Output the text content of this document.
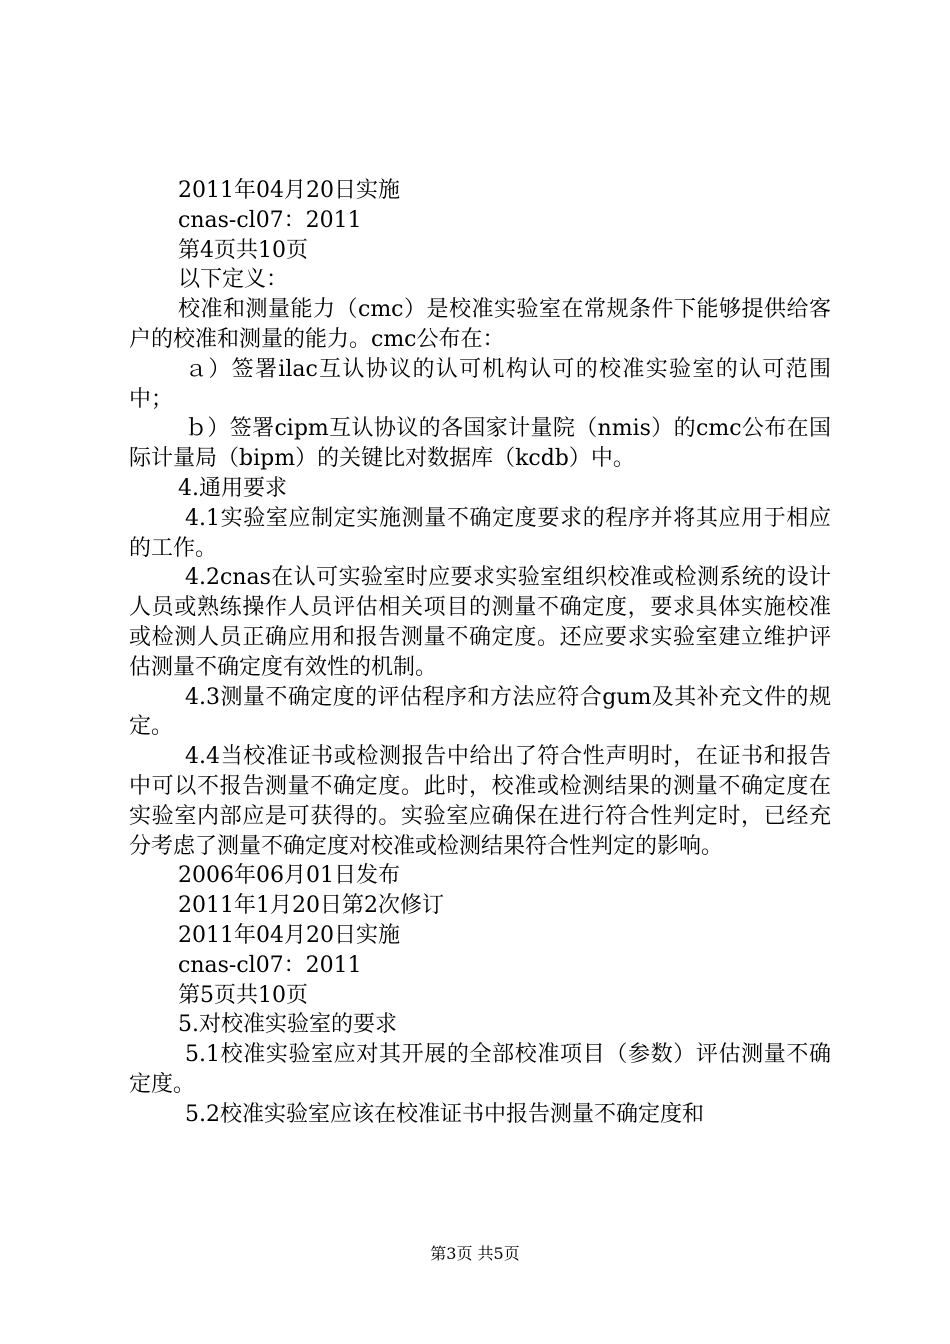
2011年04月20日实施

cnas-cl07：2011

第4页共10页

以下定义：

校准和测量能力（cmc）是校准实验室在常规条件下能够提供给客户的校准和测量的能力。cmc公布在：

ａ）签署ilac互认协议的认可机构认可的校准实验室的认可范围中；

ｂ）签署cipm互认协议的各国家计量院（nmis）的cmc公布在国际计量局（bipm）的关键比对数据库（kcdb）中。

4.通用要求

4.1实验室应制定实施测量不确定度要求的程序并将其应用于相应的工作。

4.2cnas在认可实验室时应要求实验室组织校准或检测系统的设计人员或熟练操作人员评估相关项目的测量不确定度，要求具体实施校准或检测人员正确应用和报告测量不确定度。还应要求实验室建立维护评估测量不确定度有效性的机制。

4.3测量不确定度的评估程序和方法应符合gum及其补充文件的规定。

4.4当校准证书或检测报告中给出了符合性声明时，在证书和报告中可以不报告测量不确定度。此时，校准或检测结果的测量不确定度在实验室内部应是可获得的。实验室应确保在进行符合性判定时，已经充分考虑了测量不确定度对校准或检测结果符合性判定的影响。

2006年06月01日发布

2011年1月20日第2次修订

2011年04月20日实施

cnas-cl07：2011

第5页共10页

5.对校准实验室的要求

5.1校准实验室应对其开展的全部校准项目（参数）评估测量不确定度。

5.2校准实验室应该在校准证书中报告测量不确定度和

第3页 共5页
